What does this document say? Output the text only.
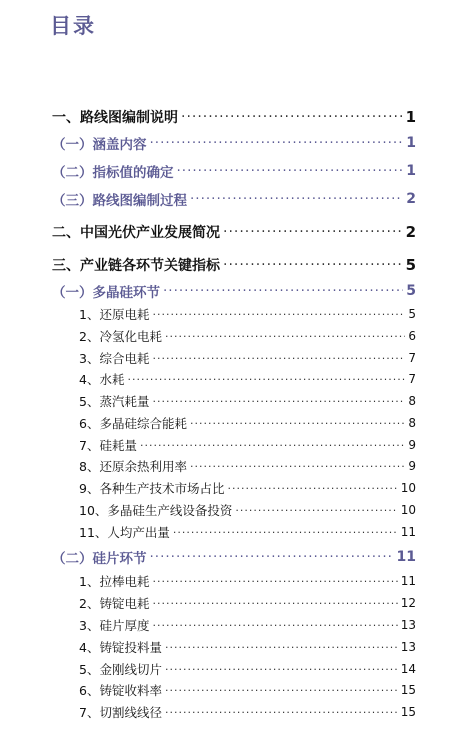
目录
一、路线图编制说明 ·····	1
（一）涵盖内容 ·····	1
（二）指标值的确定 ·····	1
（三）路线图编制过程 ·····	2
二、中国光伏产业发展简况 ·····	2
三、产业链各环节关键指标 ·····	5
（一）多晶硅环节 ·····	5
1、还原电耗 ·····	5
2、冷氢化电耗 ·····	6
3、综合电耗 ·····	7
4、水耗 ·····	7
5、蒸汽耗量 ·····	8
6、多晶硅综合能耗 ·····	8
7、硅耗量 ·····	9
8、还原余热利用率 ·····	9
9、各种生产技术市场占比 ·····	10
10、多晶硅生产线设备投资 ·····	10
11、人均产出量 ·····	11
（二）硅片环节 ·····	11
1、拉棒电耗 ·····	11
2、铸锭电耗 ·····	12
3、硅片厚度 ·····	13
4、铸锭投料量 ·····	13
5、金刚线切片 ·····	14
6、铸锭收料率 ·····	15
7、切割线线径 ·····	15
